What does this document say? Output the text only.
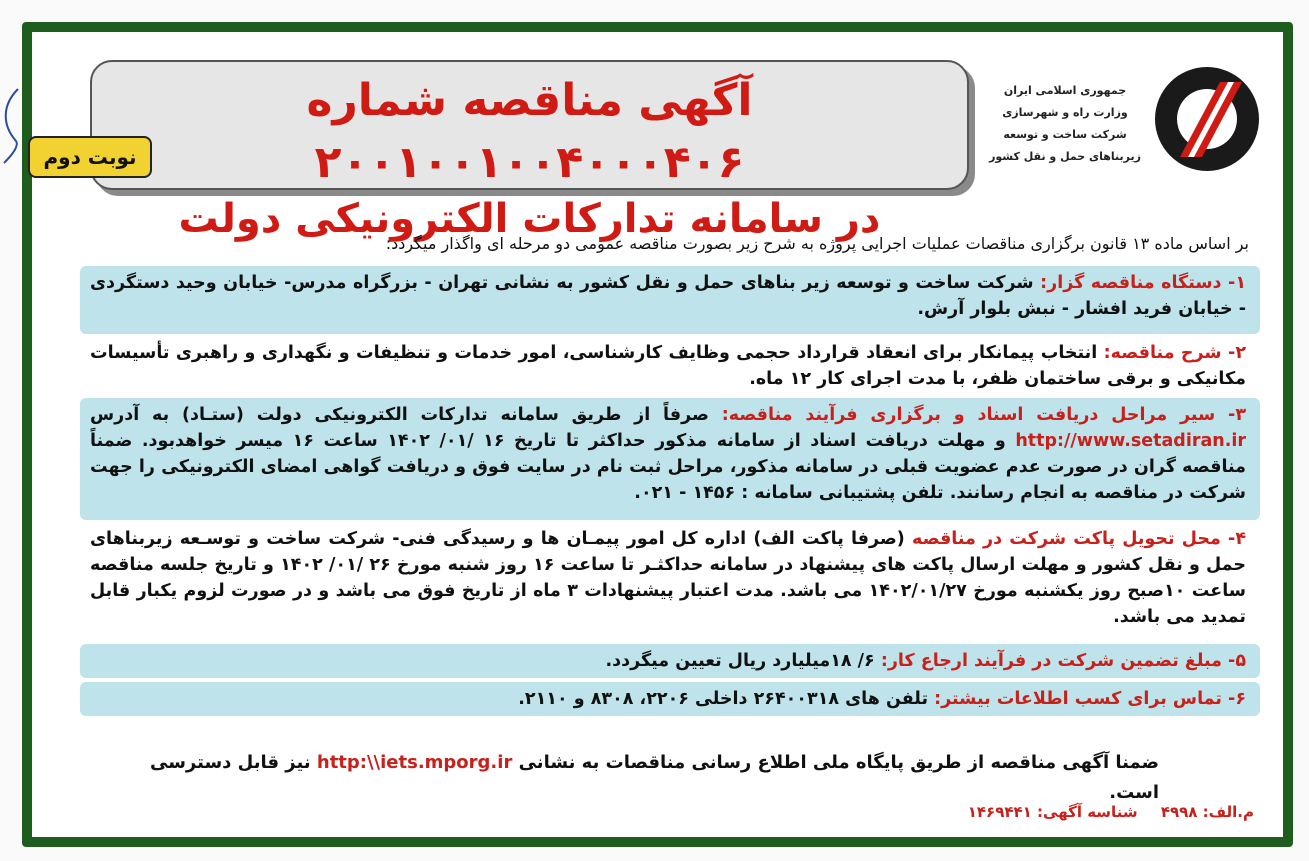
آگهی مناقصه شماره ۲۰۰۱۰۰۱۰۰۴۰۰۰۴۰۶
در سامانه تدارکات الکترونیکی دولت
نوبت دوم
جمهوری اسلامی ایران
وزارت راه و شهرسازی
شرکت ساخت و توسعه زیربناهای حمل و نقل کشور
بر اساس ماده ۱۳ قانون برگزاری مناقصات عملیات اجرایی پروژه به شرح زیر بصورت مناقصه عمومی دو مرحله ای واگذار میگردد:
۱- دستگاه مناقصه گزار: شرکت ساخت و توسعه زیر بناهای حمل و نقل کشور به نشانی تهران - بزرگراه مدرس- خیابان وحید دستگردی - خیابان فرید افشار - نبش بلوار آرش.
۲- شرح مناقصه: انتخاب پیمانکار برای انعقاد قرارداد حجمی وظایف کارشناسی، امور خدمات و تنظیفات و نگهداری و راهبری تأسیسات مکانیکی و برقی ساختمان ظفر، با مدت اجرای کار ۱۲ ماه.
۳- سیر مراحل دریافت اسناد و برگزاری فرآیند مناقصه: صرفاً از طریق سامانه تدارکات الکترونیکی دولت (ستـاد) به آدرس http://www.setadiran.ir و مهلت دریافت اسناد از سامانه مذکور حداکثر تا تاریخ ۱۶ /۰۱/ ۱۴۰۲ ساعت ۱۶ میسر خواهدبود. ضمناً مناقصه گران در صورت عدم عضویت قبلی در سامانه مذکور، مراحل ثبت نام در سایت فوق و دریافت گواهی امضای الکترونیکی را جهت شرکت در مناقصه به انجام رسانند. تلفن پشتیبانی سامانه : ۱۴۵۶ - ۰۲۱.
۴- محل تحویل پاکت شرکت در مناقصه (صرفا پاکت الف) اداره کل امور پیمـان ها و رسیدگی فنی- شرکت ساخت و توسـعه زیربناهای حمل و نقل کشور و مهلت ارسال پاکت های پیشنهاد در سامانه حداکثـر تا ساعت ۱۶ روز شنبه مورخ ۲۶ /۰۱/ ۱۴۰۲ و تاریخ جلسه مناقصه ساعت ۱۰صبح روز یکشنبه مورخ ۱۴۰۲/۰۱/۲۷ می باشد. مدت اعتبار پیشنهادات ۳ ماه از تاریخ فوق می باشد و در صورت لزوم یکبار قابل تمدید می باشد.
۵- مبلغ تضمین شرکت در فرآیند ارجاع کار: ۶/ ۱۸میلیارد ریال تعیین میگردد.
۶- تماس برای کسب اطلاعات بیشتر: تلفن های ۲۶۴۰۰۳۱۸ داخلی ۲۲۰۶، ۸۳۰۸ و ۲۱۱۰.
ضمنا آگهی مناقصه از طریق پایگاه ملی اطلاع رسانی مناقصات به نشانی http:\\iets.mporg.ir نیز قابل دسترسی است.
م.الف: ۴۹۹۸ شناسه آگهی: ۱۴۶۹۴۴۱
